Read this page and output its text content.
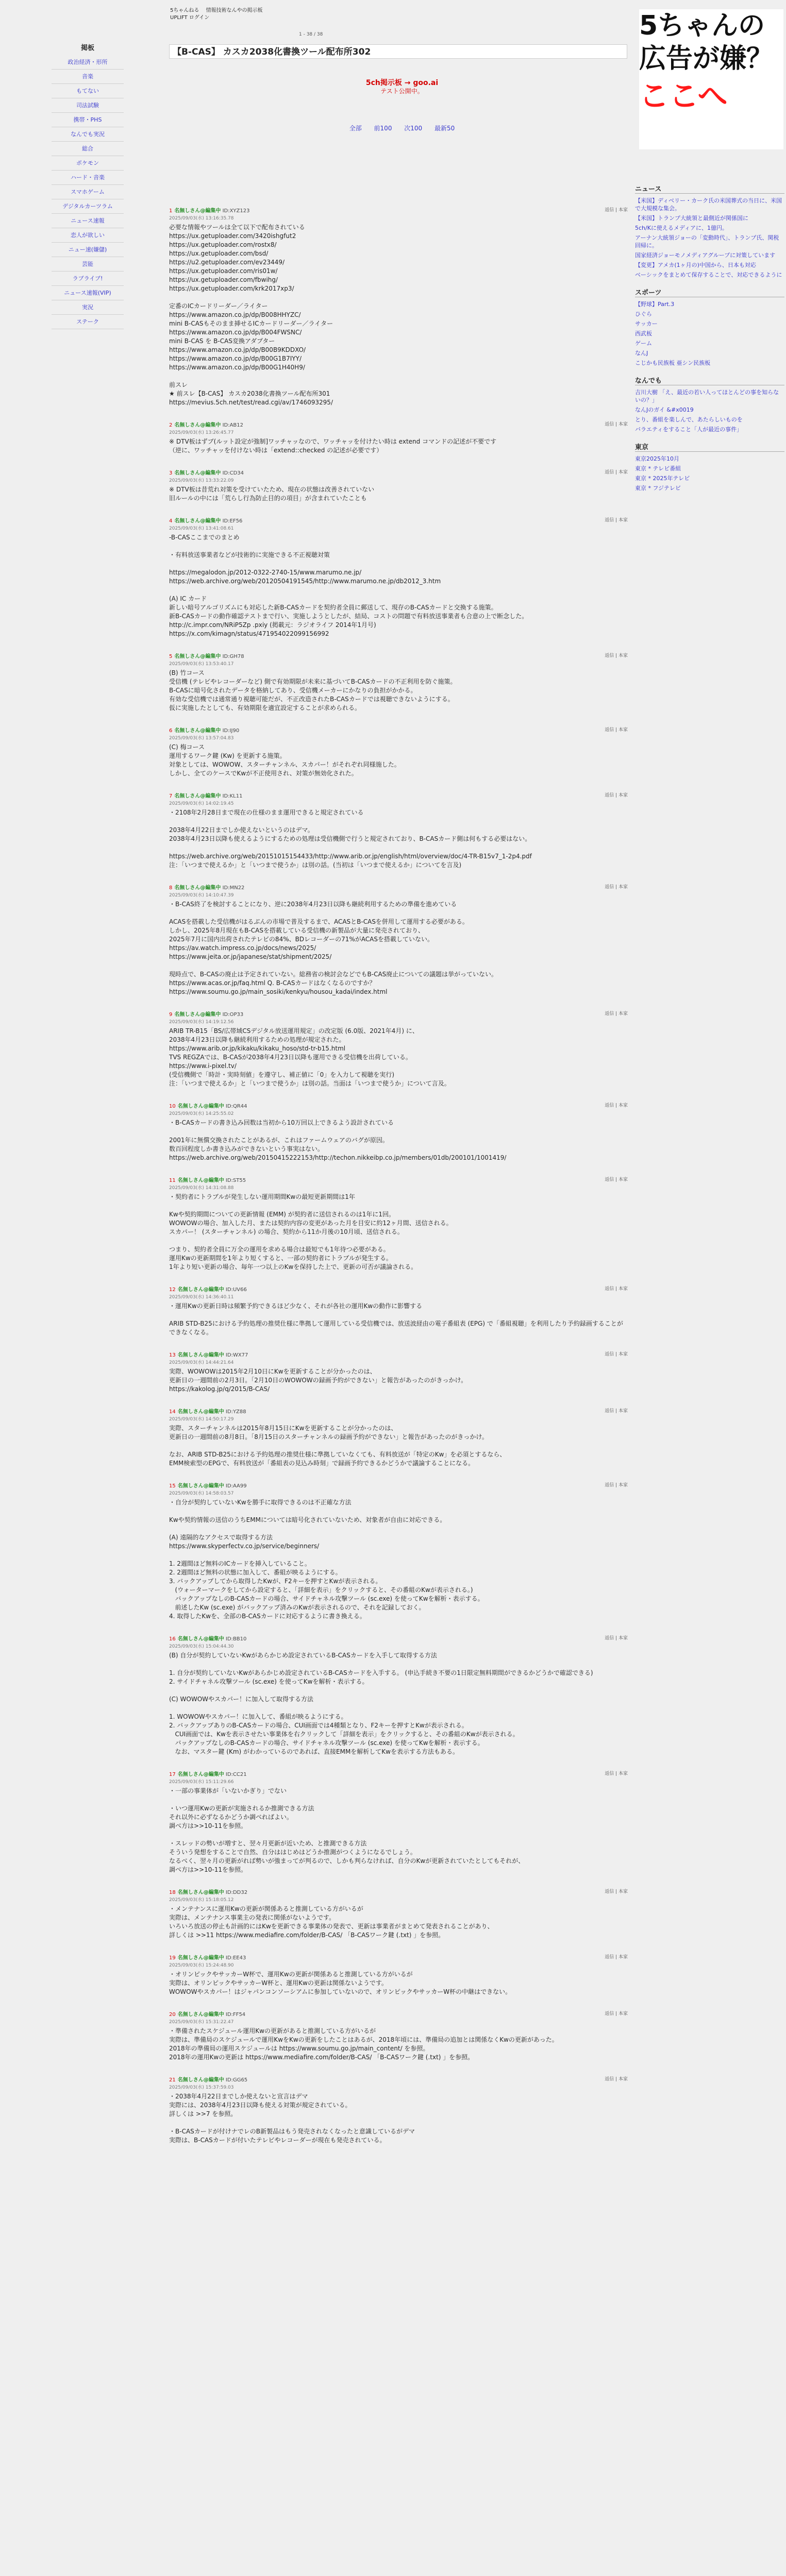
5ちゃんねる 情報技術なんやの掲示板
UPLIFT ログイン
掲板
政治経済・形所
音楽
もてない
司法試験
携帯・PHS
なんでも実況
総合
ポケモン
ハード・音楽
スマホゲーム
デジタルカーツラム
ニュース速報
恋人が欲しい
ニュー速(嫌儲)
芸能
ラブライブ!
ニュース速報(VIP)
実況
ステーク
1 - 38 / 38
【B-CAS】 カスカ2038化書換ツール配布所302
5ch掲示板 → goo.ai
テスト公開中。
全部 前100 次100 最新50
1 名無しさん@編集中 ID:XYZ123	返信 | 本家
2025/09/03(水) 13:16:35.78
必要な情報やツールは全て以下で配布されている
https://ux.getuploader.com/3420ishgfut2
https://ux.getuploader.com/rostx8/
https://ux.getuploader.com/bsd/
https://u2.getuploader.com/ev23449/
https://ux.getuploader.com/ris01w/
https://ux.getuploader.com/fbwihg/
https://ux.getuploader.com/krk2017xp3/

定番のICカードリーダー／ライター
https://www.amazon.co.jp/dp/B008HHYZC/
mini B-CASもそのまま挿せるICカードリーダー／ライター
https://www.amazon.co.jp/dp/B004FWSNC/
mini B-CAS を B-CAS変換アダプター
https://www.amazon.co.jp/dp/B00B9KDDXO/
https://www.amazon.co.jp/dp/B00G1B7IYY/
https://www.amazon.co.jp/dp/B00G1H40H9/

前スレ
★ 前スレ【B-CAS】 カスカ2038化書換ツール配布所301
https://mevius.5ch.net/test/read.cgi/av/1746093295/
2 名無しさん@編集中 ID:AB12	返信 | 本家
2025/09/03(水) 13:26:45.77
※ DTV板はずブ(ルット設定が強制]ワッチャッなので、ワッチャッを付けたい時は extend コマンドの記述が不要です
（逆に、ワッチャッを付けない時は「extend::checked の記述が必要です）
3 名無しさん@編集中 ID:CD34	返信 | 本家
2025/09/03(水) 13:33:22.09
※ DTV板は昔荒れ対策を受けていたため、現在の状態は改善されていない
旧ルールの中には「荒らし行為防止目的の項目」が含まれていたことも
4 名無しさん@編集中 ID:EF56	返信 | 本家
2025/09/03(水) 13:41:08.61
-B-CASここまでのまとめ

・有料放送事業者などが技術的に実施できる不正視聴対策

https://megalodon.jp/2012-0322-2740-15/www.marumo.ne.jp/
https://web.archive.org/web/20120504191545/http://www.marumo.ne.jp/db2012_3.htm

(A) IC カード
新しい暗号アルゴリズムにも対応した新B-CASカードを契約者全員に郵送して、現存のB-CASカードと交換する施策。
新B-CASカードの動作確認テストまで行い、実施しようとしたが、結局、コストの問題で有料放送事業者も合意の上で断念した。
http://c.impr.com/NRiP5Zp .pxiy (掲載元：ラジオライフ 2014年1月号)
https://x.com/kimagn/status/471954022099156992
5 名無しさん@編集中 ID:GH78	返信 | 本家
2025/09/03(水) 13:53:40.17
(B) 竹コース
受信機 (テレビやレコーダーなど) 側で有効期限が未来に基づいてB-CASカードの不正利用を防ぐ施策。
B-CASに暗号化されたデータを格納してあり、受信機メーカーにかなりの負担がかかる。
有効な受信機では通常通り視聴可能だが、不正改造されたB-CASカードでは視聴できないようにする。
仮に実施したとしても、有効期限を適宜設定することが求められる。
6 名無しさん@編集中 ID:IJ90	返信 | 本家
2025/09/03(水) 13:57:04.83
(C) 梅コース
運用するワーク鍵 (Kw) を更新する施策。
対象としては、WOWOW、スターチャンネル、スカパー！がそれぞれ同様施した。
しかし、全てのケースでKwが不正使用され、対策が無効化された。
7 名無しさん@編集中 ID:KL11	返信 | 本家
2025/09/03(水) 14:02:19.45
・2108年2月28日まで現在の仕様のまま運用できると規定されている

2038年4月22日までしか使えないというのはデマ。
2038年4月23日以降も使えるようにするための処理は受信機側で行うと規定されており、B-CASカード側は何もする必要はない。

https://web.archive.org/web/20151015154433/http://www.arib.or.jp/english/html/overview/doc/4-TR-B15v7_1-2p4.pdf
注：「いつまで使えるか」と「いつまで使うか」は別の話。(当初は「いつまで使えるか」についてを言及)
8 名無しさん@編集中 ID:MN22	返信 | 本家
2025/09/03(水) 14:10:47.39
・B-CAS終了を検討することになり、逆に2038年4月23日以降も継続利用するための準備を進めている

ACASを搭載した受信機がはるぶんの市場で普及するまで、ACASとB-CASを併用して運用する必要がある。
しかし、2025年8月現在もB-CASを搭載している受信機の新製品が大量に発売されており、
2025年7月に国内出荷されたテレビの84%、BDレコーダーの71%がACASを搭載していない。
https://av.watch.impress.co.jp/docs/news/2025/
https://www.jeita.or.jp/japanese/stat/shipment/2025/

現時点で、B-CASの廃止は予定されていない。総務省の検討会などでもB-CAS廃止についての議題は挙がっていない。
https://www.acas.or.jp/faq.html Q. B-CASカードはなくなるのですか？
https://www.soumu.go.jp/main_sosiki/kenkyu/housou_kadai/index.html
9 名無しさん@編集中 ID:OP33	返信 | 本家
2025/09/03(水) 14:19:12.56
ARIB TR-B15「BS/広帯域CSデジタル放送運用規定」の改定版 (6.0版、2021年4月) に、
2038年4月23日以降も継続利用するための処理が規定された。
https://www.arib.or.jp/kikaku/kikaku_hoso/std-tr-b15.html
TVS REGZAでは、B-CASが2038年4月23日以降も運用できる受信機を出荷している。
https://www.i-pixel.tv/
(受信機側で「時計・実時刻値」を遵守し、補正値に「0」を入力して視聴を実行)
注：「いつまで使えるか」と「いつまで使うか」は別の話。当面は「いつまで使うか」について言及。
10 名無しさん@編集中 ID:QR44	返信 | 本家
2025/09/03(水) 14:25:55.02
・B-CASカードの書き込み回数は当初から10万回以上できるよう設計されている

2001年に無償交換されたことがあるが、これはファームウェアのバグが原因。
数百回程度しか書き込みができないという事実はない。
https://web.archive.org/web/20150415222153/http://techon.nikkeibp.co.jp/members/01db/200101/1001419/
11 名無しさん@編集中 ID:ST55	返信 | 本家
2025/09/03(水) 14:31:08.88
・契約者にトラブルが発生しない運用期間Kwの最短更新期間は1年

Kwや契約期間についての更新情報 (EMM) が契約者に送信されるのは1年に1回。
WOWOWの場合、加入した月、または契約内容の変更があった月を目安に約12ヶ月間、送信される。
スカパー！ (スターチャンネル) の場合、契約から11か月後の10月頃、送信される。

つまり、契約者全員に万全の運用を求める場合は最短でも1年待つ必要がある。
運用Kwの更新期間を1年より短くすると、一部の契約者にトラブルが発生する。
1年より短い更新の場合、毎年一つ以上のKwを保持した上で、更新の可否が議論される。
12 名無しさん@編集中 ID:UV66	返信 | 本家
2025/09/03(水) 14:36:40.11
・運用Kwの更新日時は頻繁予約できるほど少なく、それが各社の運用Kwの動作に影響する

ARIB STD-B25における予約処理の推奨仕様に準拠して運用している受信機では、放送波経由の電子番組表 (EPG) で「番組視聴」を利用したり予約録画することができなくなる。
13 名無しさん@編集中 ID:WX77	返信 | 本家
2025/09/03(水) 14:44:21.64
実際、WOWOWは2015年2月10日にKwを更新することが分かったのは、
更新日の一週間前の2月3日。「2月10日のWOWOWの録画予約ができない」と報告があったのがきっかけ。
https://kakolog.jp/q/2015/B-CAS/
14 名無しさん@編集中 ID:YZ88	返信 | 本家
2025/09/03(水) 14:50:17.29
実際、スターチャンネルは2015年8月15日にKwを更新することが分かったのは、
更新日の一週間前の8月8日。「8月15日のスターチャンネルの録画予約ができない」と報告があったのがきっかけ。

なお、ARIB STD-B25における予約処理の推奨仕様に準拠していなくても、有料放送が「特定のKw」を必須とするなら、
EMM検索型のEPGで、有料放送が「番組表の見込み時刻」で録画予約できるかどうかで議論することになる。
15 名無しさん@編集中 ID:AA99	返信 | 本家
2025/09/03(水) 14:58:03.57
・自分が契約していないKwを勝手に取得できるのは不正確な方法

Kwや契約情報の送信のうちEMMについては暗号化されていないため、対象者が自由に対応できる。

(A) 遠隔的なアクセスで取得する方法
https://www.skyperfectv.co.jp/service/beginners/

1. 2週間ほど無料のICカードを挿入していること。
2. 2週間ほど無料の状態に加入して、番組が映るようにする。
3. バックアップしてから取得したKwが、F2キーを押すとKwが表示される。
(ウォーターマークをしてから設定すると、「詳細を表示」をクリックすると、その番組のKwが表示される。)
バックアップなしのB-CASカードの場合、サイドチャネル攻撃ツール (sc.exe) を使ってKwを解析・表示する。
前述したKw (sc.exe) がバックアップ済みのKwが表示されるので、それを記録しておく。
4. 取得したKwを、全部のB-CASカードに対応するように書き換える。
16 名無しさん@編集中 ID:BB10	返信 | 本家
2025/09/03(水) 15:04:44.30
(B) 自分が契約していないKwがあらかじめ設定されているB-CASカードを入手して取得する方法

1. 自分が契約していないKwがあらかじめ設定されているB-CASカードを入手する。 (申込手続き不要の1日限定無料期間ができるかどうかで確認できる)
2. サイドチャネル攻撃ツール (sc.exe) を使ってKwを解析・表示する。

(C) WOWOWやスカパー！に加入して取得する方法

1. WOWOWやスカパー！に加入して、番組が映るようにする。
2. バックアップありのB-CASカードの場合、CUI画面では4種類となり、F2キーを押すとKwが表示される。
CUI画面では、Kwを表示させたい事業体を右クリックして「詳細を表示」をクリックすると、その番組のKwが表示される。
バックアップなしのB-CASカードの場合、サイドチャネル攻撃ツール (sc.exe) を使ってKwを解析・表示する。
なお、マスター鍵 (Km) がわかっているのであれば、直接EMMを解析してKwを表示する方法もある。
17 名無しさん@編集中 ID:CC21	返信 | 本家
2025/09/03(水) 15:11:29.66
・一部の事業体が「いないかぎり」でない

・いつ運用Kwの更新が実施されるか推測できる方法
それ以外に必ずなるかどうか調べればよい。
調べ方は>>10-11を参照。

・スレッドの勢いが増すと、翌々月更新が近いため、と推測できる方法
そういう発想をすることで自然、自分ははじめはどうか推測がつくようになるでしょう。
なるべく、翌々月の更新がれば勢いが強まってが判るので、しかも判らなければ、自分のKwが更新されていたとしてもそれが、
調べ方は>>10-11を参照。
18 名無しさん@編集中 ID:DD32	返信 | 本家
2025/09/03(水) 15:18:05.12
・メンテナンスに運用Kwの更新が関係あると推測している方がいるが
実際は、メンテナンス事業主の発表に関係がないようです。
いろいろ放送の停止も計画的にはKwを更新できる事業体の発表で、更新は事業者がまとめて発表されることがあり、
詳しくは >>11 https://www.mediafire.com/folder/B-CAS/ 「B-CASワーク鍵 (.txt) 」を参照。
19 名無しさん@編集中 ID:EE43	返信 | 本家
2025/09/03(水) 15:24:48.90
・オリンピックやサッカーW杯で、運用Kwの更新が関係あると推測している方がいるが
実際は、オリンピックやサッカーW杯と、運用Kwの更新は関係ないようです。
WOWOWやスカパー！はジャパンコンソーシアムに参加していないので、オリンピックやサッカーW杯の中継はできない。
20 名無しさん@編集中 ID:FF54	返信 | 本家
2025/09/03(水) 15:31:22.47
・準備されたスケジュール運用Kwの更新があると推測している方がいるが
実際は、準備局のスケジュールで運用KwをKwの更新をしたことはあるが、2018年頃には、準備局の追加とは関係なくKwの更新があった。
2018年の準備局の運用スケジュールは https://www.soumu.go.jp/main_content/ を参照。
2018年の運用Kwの更新は https://www.mediafire.com/folder/B-CAS/ 「B-CASワーク鍵 (.txt) 」を参照。
21 名無しさん@編集中 ID:GG65	返信 | 本家
2025/09/03(水) 15:37:59.03
・2038年4月22日までしか使えないと宣言はデマ
実際には、2038年4月23日以降も使える対策が規定されている。
詳しくは >>7 を参照。

・B-CASカードが付けナでレのB新製品はもう発売されなくなったと意識しているがデマ
実際は、B-CASカードが付いたテレビやレコーダーが現在も発売されている。
5ちゃんの
広告が嫌？
ここへ
ニュース
【米国】ディベリー・カーク氏の米国葬式の当日に、米国で大規模な集会。
【米国】トランプ大統領と最側近が関係国に
5ch/Kに使えるメディアに、1億円。
アーナン大統領ジョーの「変動時代」、トランプ氏、関税回帰に。
国家経済ジョーモノメディアグループに対策しています
【変更】アメカ(1ヶ月の)中国から、日本も対応
ベーシックをまとめて保存することで、対応できるように
スポーツ
【野球】Part.3
ひぐら
サッカー
西武板
ゲーム
なんJ
こじかも民族板 亜シン民族板
なんでも
吉川大樹 「え、最近の若い人ってほとんどの事を知らないの？」
なんJのガイ &#x0019
とり、番組を楽しんで、あたらしいものを
バラエティをすること「人が最近の事件」
東京
東京2025年10月
東京 * テレビ番組
東京 * 2025年テレビ
東京 * フジテレビ
